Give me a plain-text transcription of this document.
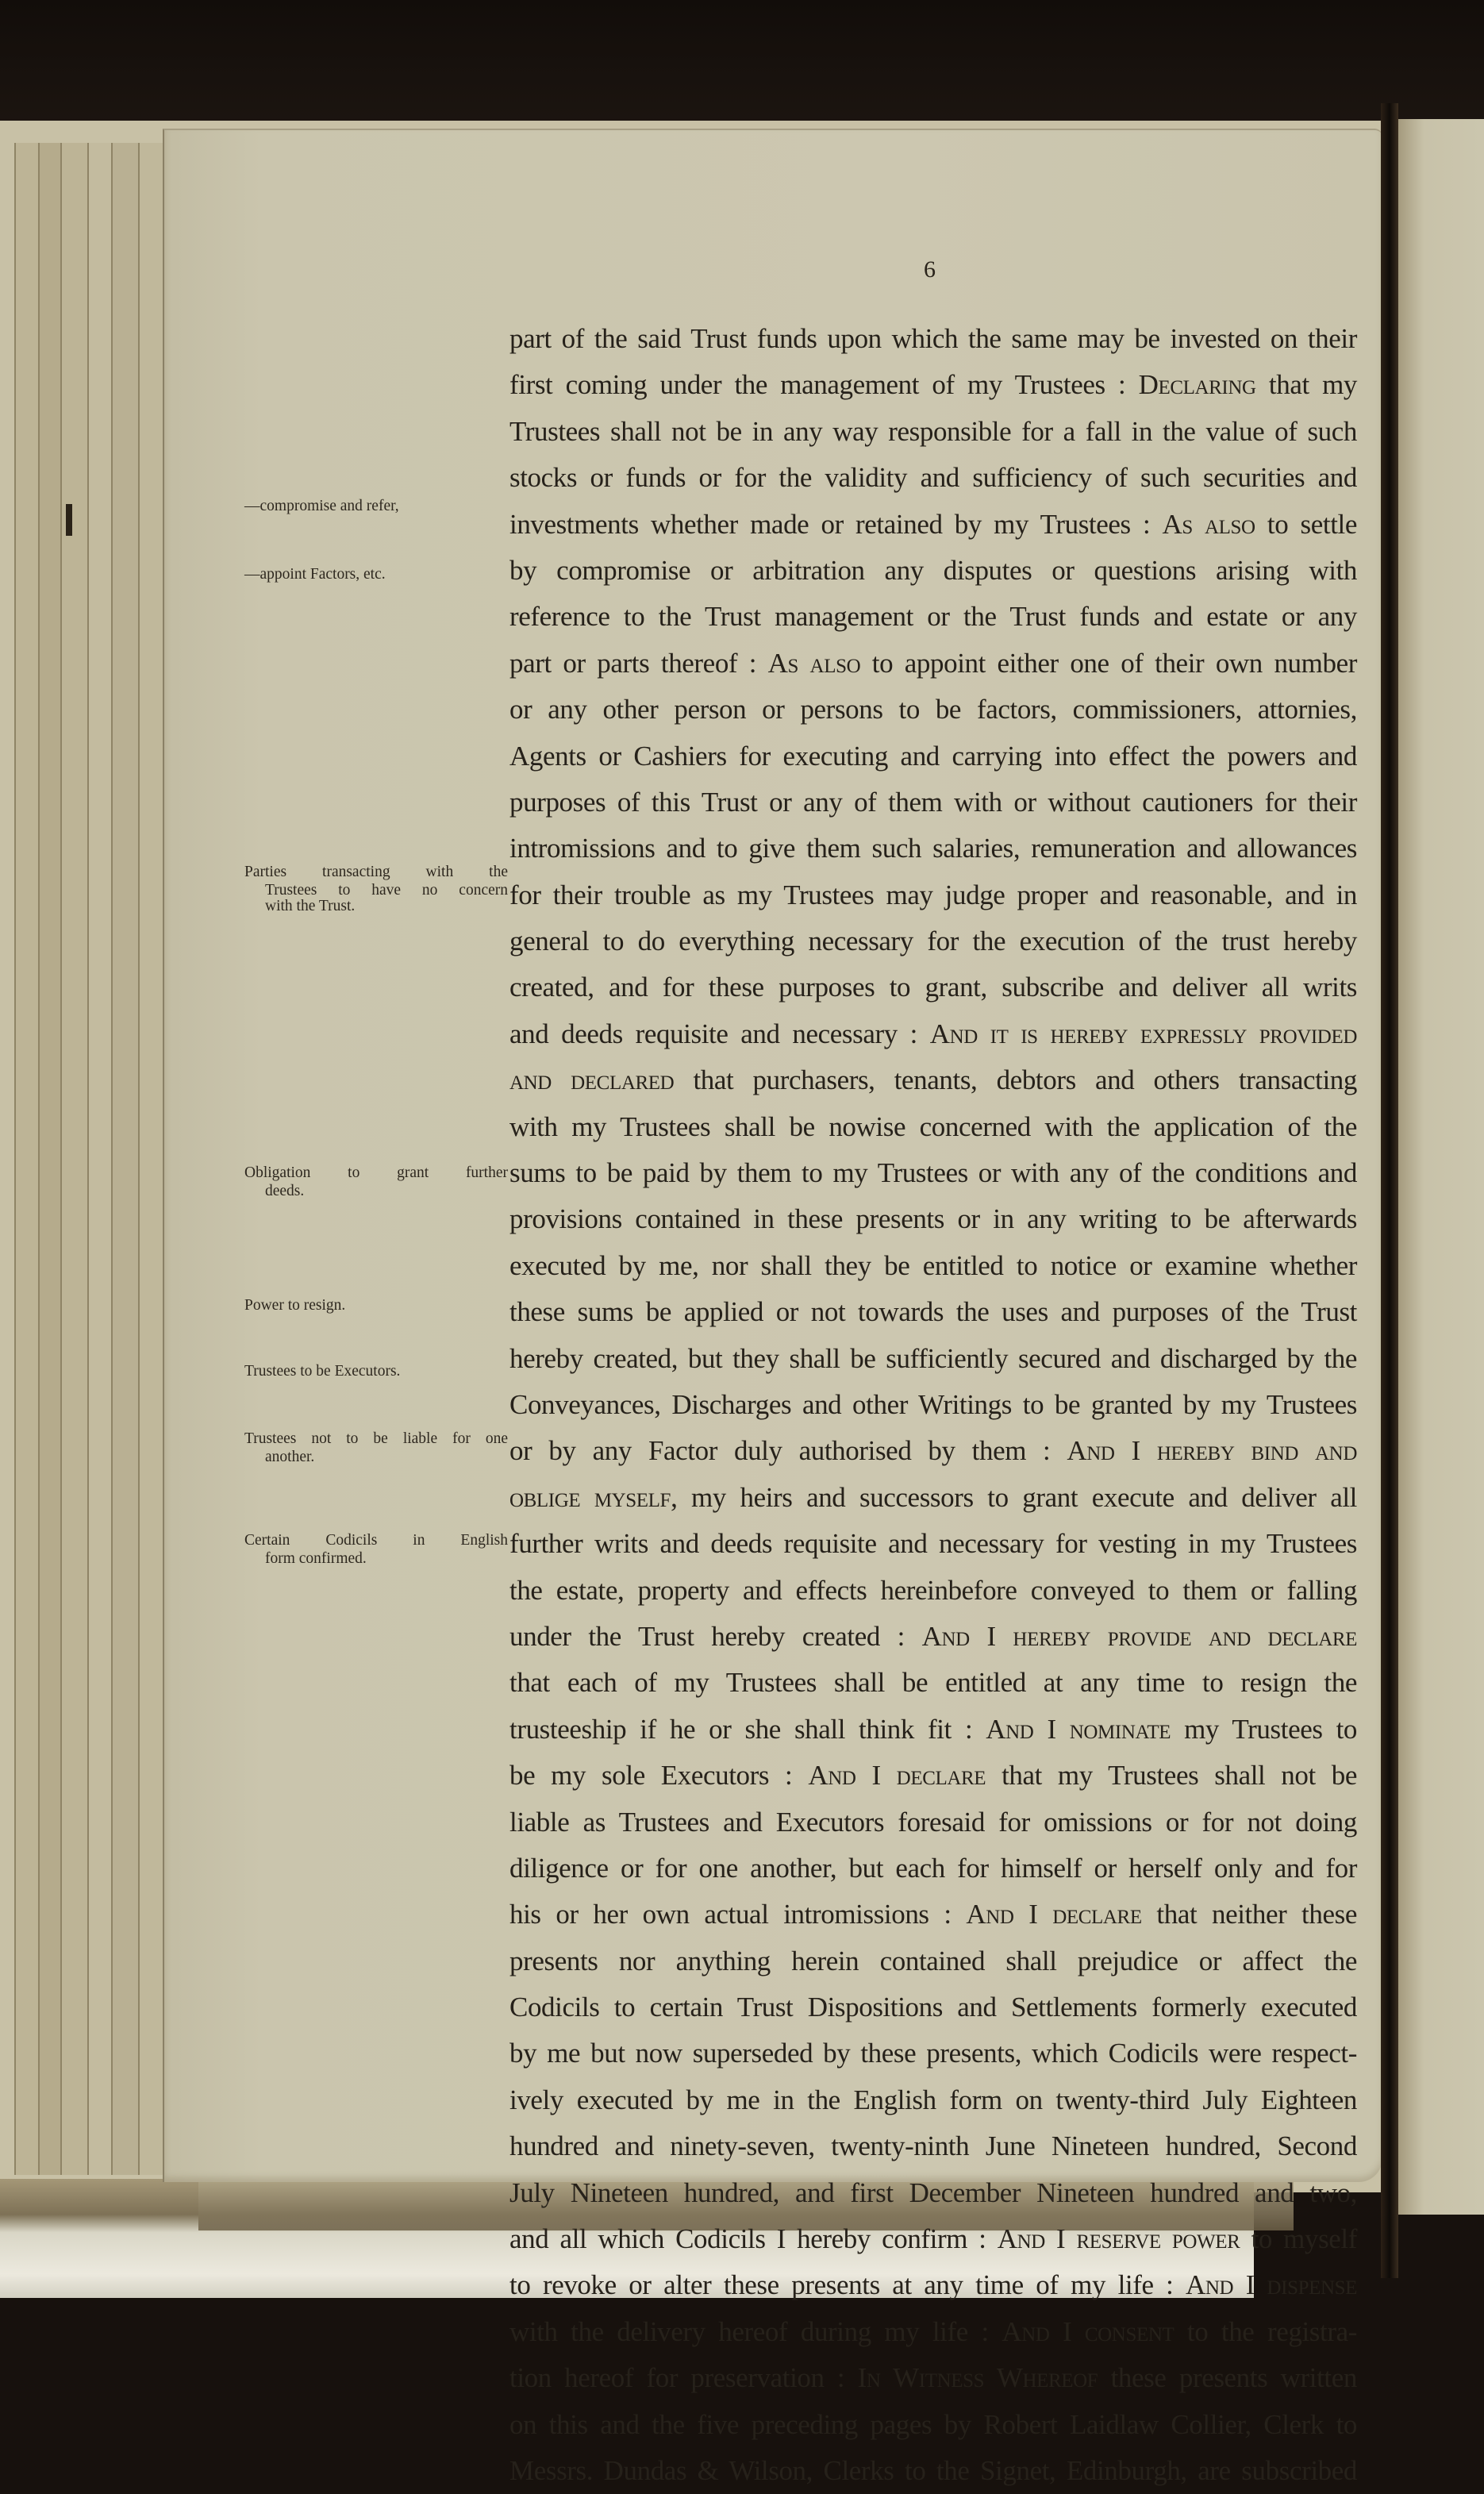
6
—compromise and refer,
—appoint Factors, etc.
Parties transacting with the
Trustees to have no concern
with the Trust.
Obligation to grant further
deeds.
Power to resign.
Trustees to be Executors.
Trustees not to be liable for one
another.
Certain Codicils in English
form confirmed.
part of the said Trust funds upon which the same may be invested on their
first coming under the management of my Trustees : Declaring that my
Trustees shall not be in any way responsible for a fall in the value of such
stocks or funds or for the validity and sufficiency of such securities and
investments whether made or retained by my Trustees : As also to settle
by compromise or arbitration any disputes or questions arising with
reference to the Trust management or the Trust funds and estate or any
part or parts thereof : As also to appoint either one of their own number
or any other person or persons to be factors, commissioners, attornies,
Agents or Cashiers for executing and carrying into effect the powers and
purposes of this Trust or any of them with or without cautioners for their
intromissions and to give them such salaries, remuneration and allowances
for their trouble as my Trustees may judge proper and reasonable, and in
general to do everything necessary for the execution of the trust hereby
created, and for these purposes to grant, subscribe and deliver all writs
and deeds requisite and necessary : And it is hereby expressly provided
and declared that purchasers, tenants, debtors and others transacting
with my Trustees shall be nowise concerned with the application of the
sums to be paid by them to my Trustees or with any of the conditions and
provisions contained in these presents or in any writing to be afterwards
executed by me, nor shall they be entitled to notice or examine whether
these sums be applied or not towards the uses and purposes of the Trust
hereby created, but they shall be sufficiently secured and discharged by the
Conveyances, Discharges and other Writings to be granted by my Trustees
or by any Factor duly authorised by them : And I hereby bind and
oblige myself, my heirs and successors to grant execute and deliver all
further writs and deeds requisite and necessary for vesting in my Trustees
the estate, property and effects hereinbefore conveyed to them or falling
under the Trust hereby created : And I hereby provide and declare
that each of my Trustees shall be entitled at any time to resign the
trusteeship if he or she shall think fit : And I nominate my Trustees to
be my sole Executors : And I declare that my Trustees shall not be
liable as Trustees and Executors foresaid for omissions or for not doing
diligence or for one another, but each for himself or herself only and for
his or her own actual intromissions : And I declare that neither these
presents nor anything herein contained shall prejudice or affect the
Codicils to certain Trust Dispositions and Settlements formerly executed
by me but now superseded by these presents, which Codicils were respect-
ively executed by me in the English form on twenty-third July Eighteen
hundred and ninety-seven, twenty-ninth June Nineteen hundred, Second
July Nineteen hundred, and first December Nineteen hundred and two,
and all which Codicils I hereby confirm : And I reserve power to myself
to revoke or alter these presents at any time of my life : And I dispense
with the delivery hereof during my life : And I consent to the registra-
tion hereof for preservation : In Witness Whereof these presents written
on this and the five preceding pages by Robert Laidlaw Collier, Clerk to
Messrs. Dundas & Wilson, Clerks to the Signet, Edinburgh, are subscribed
